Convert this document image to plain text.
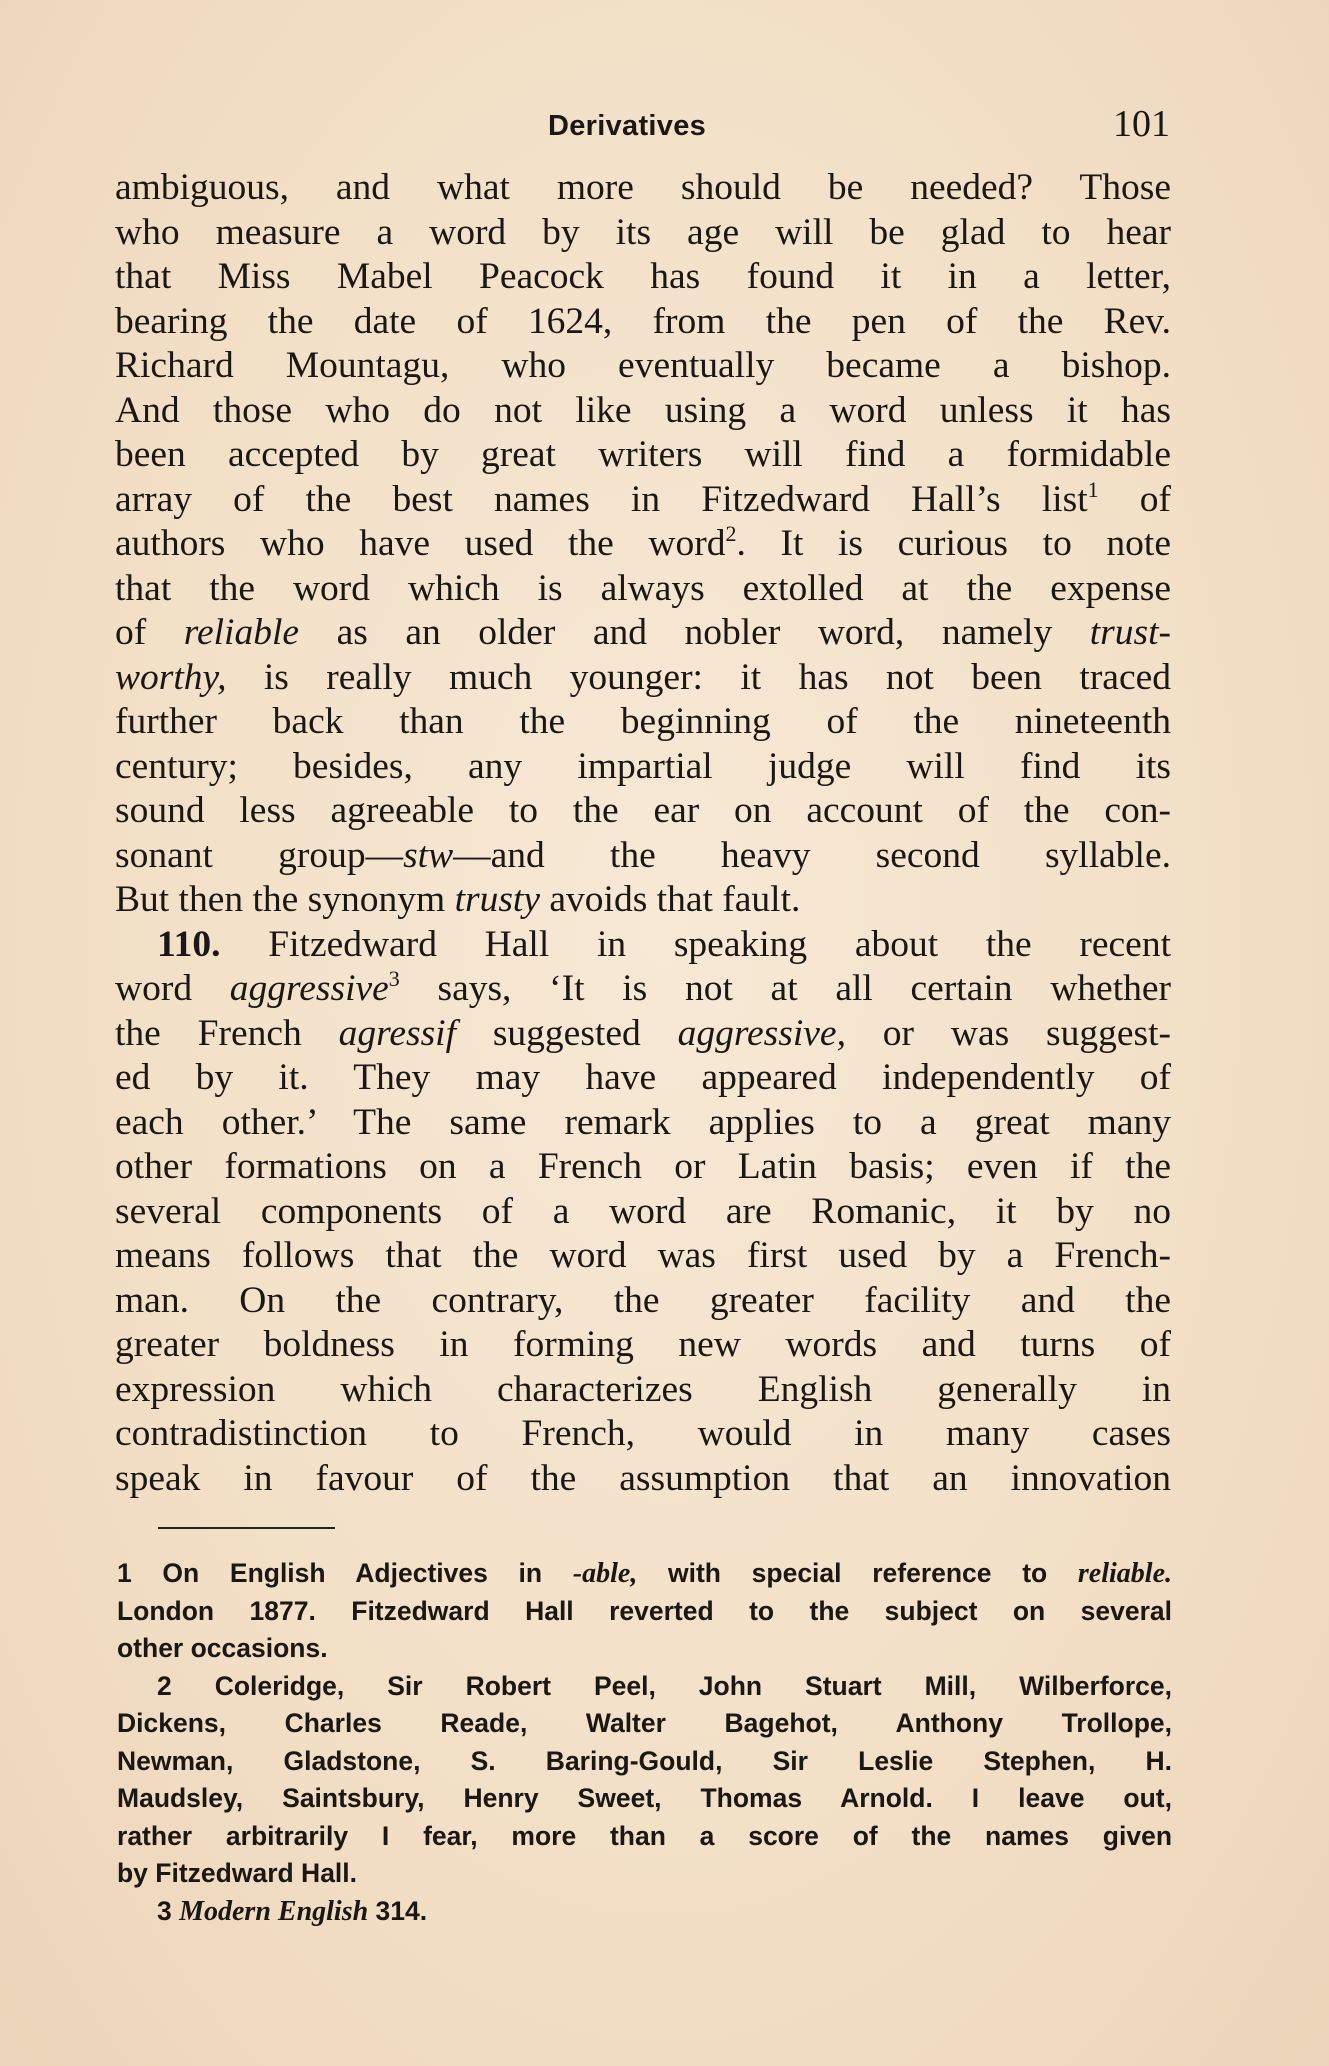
Derivatives	101
ambiguous, and what more should be needed? Those
who measure a word by its age will be glad to hear
that Miss Mabel Peacock has found it in a letter,
bearing the date of 1624, from the pen of the Rev.
Richard Mountagu, who eventually became a bishop.
And those who do not like using a word unless it has
been accepted by great writers will find a formidable
array of the best names in Fitzedward Hall’s list$^1$ of
authors who have used the word$^2$. It is curious to note
that the word which is always extolled at the expense
of reliable as an older and nobler word, namely trust-
worthy, is really much younger: it has not been traced
further back than the beginning of the nineteenth
century; besides, any impartial judge will find its
sound less agreeable to the ear on account of the con-
sonant group—stw—and the heavy second syllable.
But then the synonym trusty avoids that fault.
110. Fitzedward Hall in speaking about the recent
word aggressive$^3$ says, ‘It is not at all certain whether
the French agressif suggested aggressive, or was suggest-
ed by it. They may have appeared independently of
each other.’ The same remark applies to a great many
other formations on a French or Latin basis; even if the
several components of a word are Romanic, it by no
means follows that the word was first used by a French-
man. On the contrary, the greater facility and the
greater boldness in forming new words and turns of
expression which characterizes English generally in
contradistinction to French, would in many cases
speak in favour of the assumption that an innovation
1 On English Adjectives in -able, with special reference to reliable.
London 1877. Fitzedward Hall reverted to the subject on several
other occasions.
2 Coleridge, Sir Robert Peel, John Stuart Mill, Wilberforce,
Dickens, Charles Reade, Walter Bagehot, Anthony Trollope,
Newman, Gladstone, S. Baring-Gould, Sir Leslie Stephen, H.
Maudsley, Saintsbury, Henry Sweet, Thomas Arnold. I leave out,
rather arbitrarily I fear, more than a score of the names given
by Fitzedward Hall.
3 Modern English 314.
